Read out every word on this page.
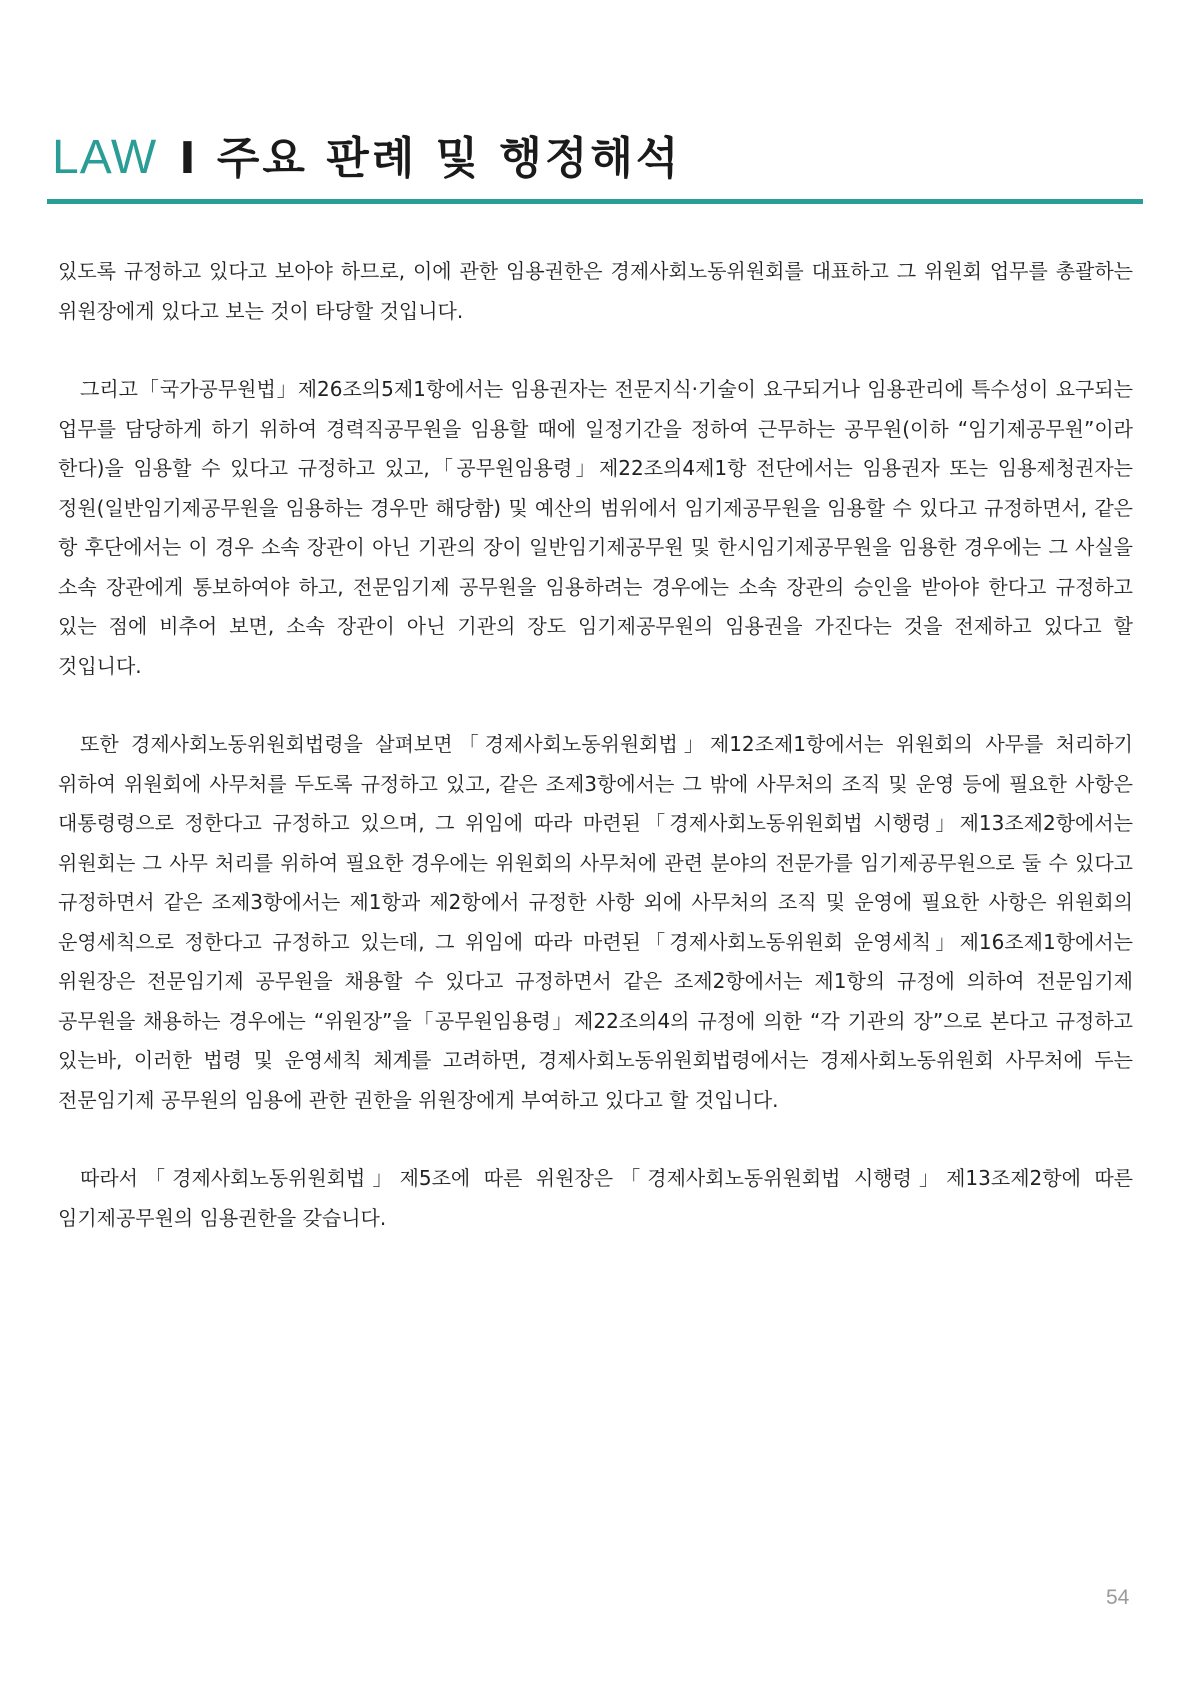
LAW I 주요 판례 및 행정해석

있도록 규정하고 있다고 보아야 하므로, 이에 관한 임용권한은 경제사회노동위원회를 대표하고 그 위원회 업무를 총괄하는 위원장에게 있다고 보는 것이 타당할 것입니다.

그리고「국가공무원법」제26조의5제1항에서는 임용권자는 전문지식·기술이 요구되거나 임용관리에 특수성이 요구되는 업무를 담당하게 하기 위하여 경력직공무원을 임용할 때에 일정기간을 정하여 근무하는 공무원(이하 “임기제공무원”이라 한다)을 임용할 수 있다고 규정하고 있고,「공무원임용령」제22조의4제1항 전단에서는 임용권자 또는 임용제청권자는 정원(일반임기제공무원을 임용하는 경우만 해당함) 및 예산의 범위에서 임기제공무원을 임용할 수 있다고 규정하면서, 같은 항 후단에서는 이 경우 소속 장관이 아닌 기관의 장이 일반임기제공무원 및 한시임기제공무원을 임용한 경우에는 그 사실을 소속 장관에게 통보하여야 하고, 전문임기제 공무원을 임용하려는 경우에는 소속 장관의 승인을 받아야 한다고 규정하고 있는 점에 비추어 보면, 소속 장관이 아닌 기관의 장도 임기제공무원의 임용권을 가진다는 것을 전제하고 있다고 할 것입니다.

또한 경제사회노동위원회법령을 살펴보면「경제사회노동위원회법」제12조제1항에서는 위원회의 사무를 처리하기 위하여 위원회에 사무처를 두도록 규정하고 있고, 같은 조제3항에서는 그 밖에 사무처의 조직 및 운영 등에 필요한 사항은 대통령령으로 정한다고 규정하고 있으며, 그 위임에 따라 마련된「경제사회노동위원회법 시행령」제13조제2항에서는 위원회는 그 사무 처리를 위하여 필요한 경우에는 위원회의 사무처에 관련 분야의 전문가를 임기제공무원으로 둘 수 있다고 규정하면서 같은 조제3항에서는 제1항과 제2항에서 규정한 사항 외에 사무처의 조직 및 운영에 필요한 사항은 위원회의 운영세칙으로 정한다고 규정하고 있는데, 그 위임에 따라 마련된「경제사회노동위원회 운영세칙」제16조제1항에서는 위원장은 전문임기제 공무원을 채용할 수 있다고 규정하면서 같은 조제2항에서는 제1항의 규정에 의하여 전문임기제 공무원을 채용하는 경우에는 “위원장”을「공무원임용령」제22조의4의 규정에 의한 “각 기관의 장”으로 본다고 규정하고 있는바, 이러한 법령 및 운영세칙 체계를 고려하면, 경제사회노동위원회법령에서는 경제사회노동위원회 사무처에 두는 전문임기제 공무원의 임용에 관한 권한을 위원장에게 부여하고 있다고 할 것입니다.

따라서「경제사회노동위원회법」제5조에 따른 위원장은「경제사회노동위원회법 시행령」제13조제2항에 따른 임기제공무원의 임용권한을 갖습니다.

54
